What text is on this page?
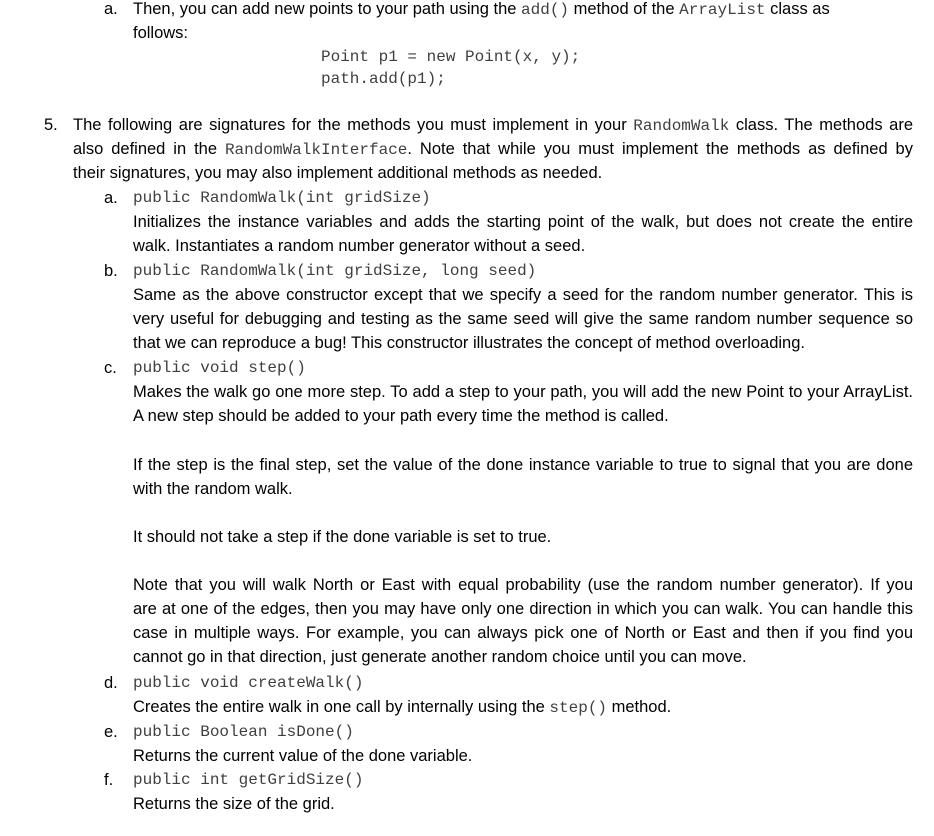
a. Then, you can add new points to your path using the add() method of the ArrayList class as
follows:
Point p1 = new Point(x, y);
path.add(p1);
5. The following are signatures for the methods you must implement in your RandomWalk class. The methods are
also defined in the RandomWalkInterface. Note that while you must implement the methods as defined by
their signatures, you may also implement additional methods as needed.
a. public RandomWalk(int gridSize)
Initializes the instance variables and adds the starting point of the walk, but does not create the entire
walk. Instantiates a random number generator without a seed.
b. public RandomWalk(int gridSize, long seed)
Same as the above constructor except that we specify a seed for the random number generator. This is
very useful for debugging and testing as the same seed will give the same random number sequence so
that we can reproduce a bug! This constructor illustrates the concept of method overloading.
c. public void step()
Makes the walk go one more step. To add a step to your path, you will add the new Point to your ArrayList.
A new step should be added to your path every time the method is called.
If the step is the final step, set the value of the done instance variable to true to signal that you are done
with the random walk.
It should not take a step if the done variable is set to true.
Note that you will walk North or East with equal probability (use the random number generator). If you
are at one of the edges, then you may have only one direction in which you can walk. You can handle this
case in multiple ways. For example, you can always pick one of North or East and then if you find you
cannot go in that direction, just generate another random choice until you can move.
d. public void createWalk()
Creates the entire walk in one call by internally using the step() method.
e. public Boolean isDone()
Returns the current value of the done variable.
f. public int getGridSize()
Returns the size of the grid.
